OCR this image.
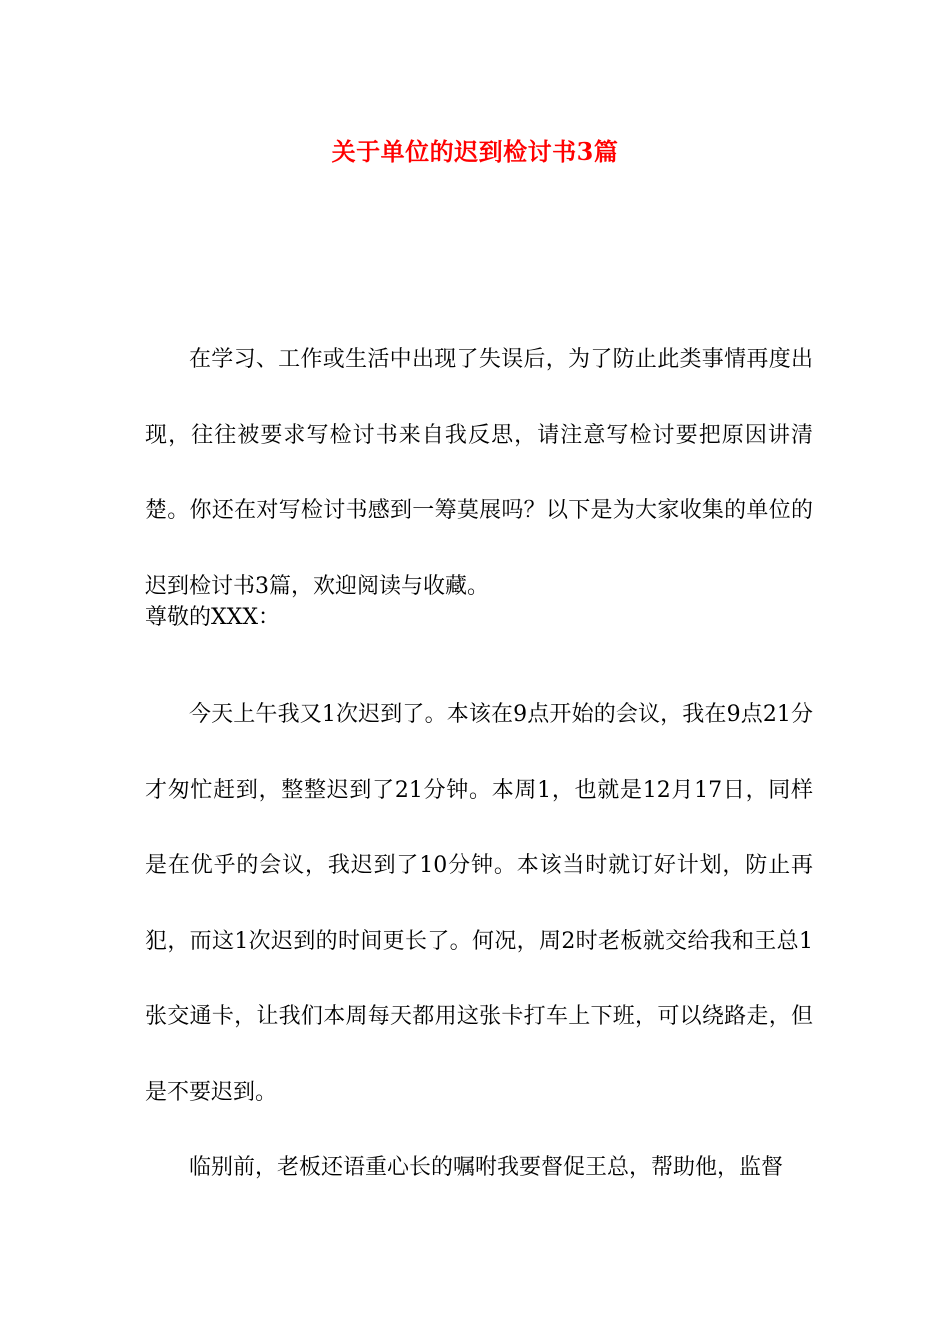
关于单位的迟到检讨书3篇

在学习、工作或生活中出现了失误后，为了防止此类事情再度出现，往往被要求写检讨书来自我反思，请注意写检讨要把原因讲清楚。你还在对写检讨书感到一筹莫展吗？以下是为大家收集的单位的迟到检讨书3篇，欢迎阅读与收藏。

尊敬的XXX：

今天上午我又1次迟到了。本该在9点开始的会议，我在9点21分才匆忙赶到，整整迟到了21分钟。本周1，也就是12月17日，同样是在优乎的会议，我迟到了10分钟。本该当时就订好计划，防止再犯，而这1次迟到的时间更长了。何况，周2时老板就交给我和王总1张交通卡，让我们本周每天都用这张卡打车上下班，可以绕路走，但是不要迟到。

临别前，老板还语重心长的嘱咐我要督促王总，帮助他，监督
